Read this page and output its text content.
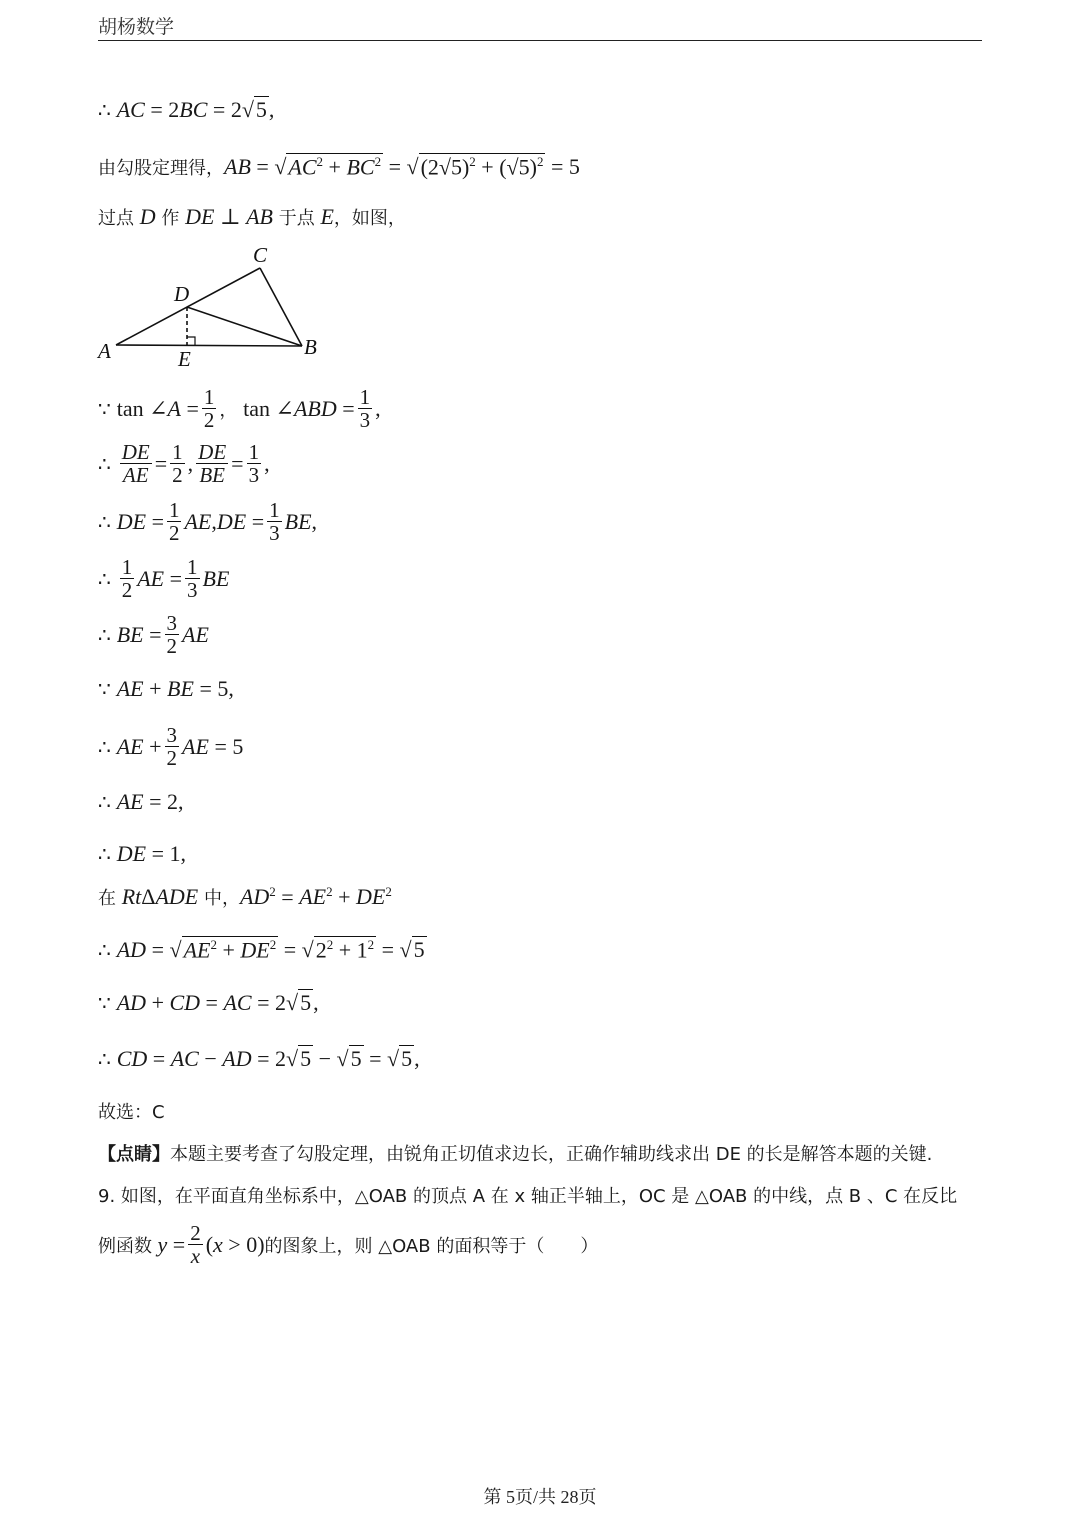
胡杨数学
∴ AC = 2 BC = 2 √ 5 ,
由勾股定理得， AB = √ $AC^2 + BC^2$ = √ $(2√5)^2 + (√5)^2 = 5$
过点 D 作 DE ⊥ AB 于点 E ，如图，
C
D
A	B
E
∵ tan ∠ $A = \frac{1}{2}$ ， tan ∠ ABD = $\frac{1}{3}$ ,
∴ $\frac{DE}{AE} = \frac{1}{2}$ , $\frac{DE}{BE} = \frac{1}{3}$ ,
∴ DE = $\frac{1}{2}$ AE , DE = $\frac{1}{3}$ BE ,
∴ $\frac{1}{2}$ AE = $\frac{1}{3}$ BE
∴ BE = $\frac{3}{2}$ AE
∵ AE + BE = 5,
∴ AE + $\frac{3}{2}$ AE = 5
∴ AE = 2,
∴ DE = 1,
在 Rt Δ ADE 中， AD $^2$ = AE $^2$ + DE $^2$
∴ AD = √ $AE^2 + DE^2$ = √ $2^2 + 1^2$ = √ 5
∵ AD + CD = AC = 2 √ 5 ,
∴ CD = AC − AD = 2 √ 5 − √ 5 = √ 5 ,
故选：C
【点睛】 本题主要考查了勾股定理，由锐角正切值求边长，正确作辅助线求出 DE 的长是解答本题的关键.
9. 如图，在平面直角坐标系中，△OAB 的顶点 A 在 x 轴正半轴上，OC 是 △OAB 的中线，点 B 、C 在反比
例函数 $y = \frac{2}{x}$ ( x > 0) 的图象上，则 △OAB 的面积等于（　　）
第 5页/共 28页
